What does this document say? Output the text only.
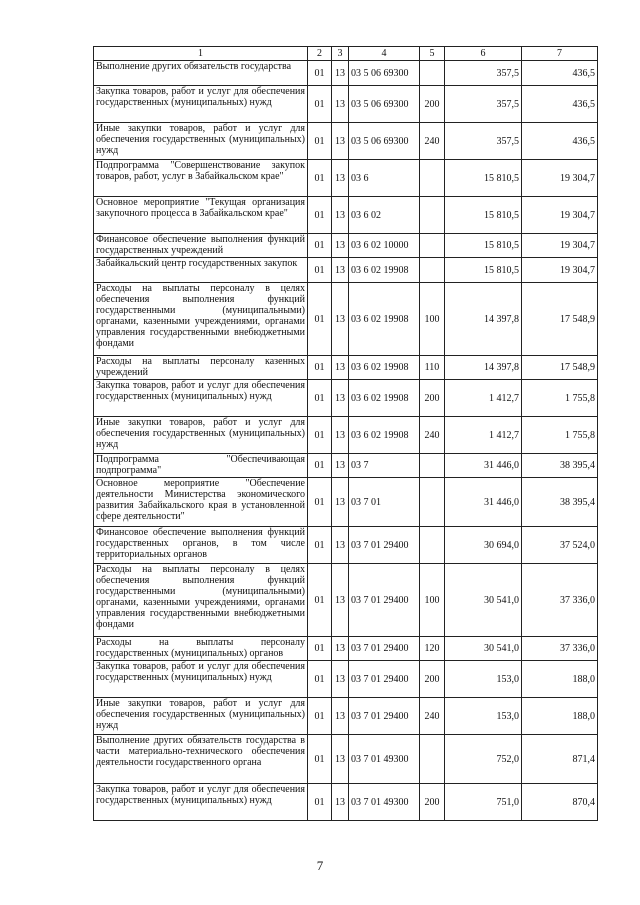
1	2	3	4	5	6	7
Выполнение других обязательств государства	01	13	03 5 06 69300		357,5	436,5
Закупка товаров, работ и услуг для обеспечения государственных (муниципальных) нужд	01	13	03 5 06 69300	200	357,5	436,5
Иные закупки товаров, работ и услуг для обеспечения государственных (муниципальных) нужд	01	13	03 5 06 69300	240	357,5	436,5
Подпрограмма "Совершенствование закупок товаров, работ, услуг в Забайкальском крае"	01	13	03 6		15 810,5	19 304,7
Основное мероприятие "Текущая организация закупочного процесса в Забайкальском крае"	01	13	03 6 02		15 810,5	19 304,7
Финансовое обеспечение выполнения функций государственных учреждений	01	13	03 6 02 10000		15 810,5	19 304,7
Забайкальский центр государственных закупок	01	13	03 6 02 19908		15 810,5	19 304,7
Расходы на выплаты персоналу в целях обеспечения выполнения функций государственными (муниципальными) органами, казенными учреждениями, органами управления государственными внебюджетными фондами	01	13	03 6 02 19908	100	14 397,8	17 548,9
Расходы на выплаты персоналу казенных учреждений	01	13	03 6 02 19908	110	14 397,8	17 548,9
Закупка товаров, работ и услуг для обеспечения государственных (муниципальных) нужд	01	13	03 6 02 19908	200	1 412,7	1 755,8
Иные закупки товаров, работ и услуг для обеспечения государственных (муниципальных) нужд	01	13	03 6 02 19908	240	1 412,7	1 755,8
Подпрограмма "Обеспечивающая подпрограмма"	01	13	03 7		31 446,0	38 395,4
Основное мероприятие "Обеспечение деятельности Министерства экономического развития Забайкальского края в установленной сфере деятельности"	01	13	03 7 01		31 446,0	38 395,4
Финансовое обеспечение выполнения функций государственных органов, в том числе территориальных органов	01	13	03 7 01 29400		30 694,0	37 524,0
Расходы на выплаты персоналу в целях обеспечения выполнения функций государственными (муниципальными) органами, казенными учреждениями, органами управления государственными внебюджетными фондами	01	13	03 7 01 29400	100	30 541,0	37 336,0
Расходы на выплаты персоналу государственных (муниципальных) органов	01	13	03 7 01 29400	120	30 541,0	37 336,0
Закупка товаров, работ и услуг для обеспечения государственных (муниципальных) нужд	01	13	03 7 01 29400	200	153,0	188,0
Иные закупки товаров, работ и услуг для обеспечения государственных (муниципальных) нужд	01	13	03 7 01 29400	240	153,0	188,0
Выполнение других обязательств государства в части материально-технического обеспечения деятельности государственного органа	01	13	03 7 01 49300		752,0	871,4
Закупка товаров, работ и услуг для обеспечения государственных (муниципальных) нужд	01	13	03 7 01 49300	200	751,0	870,4
7
